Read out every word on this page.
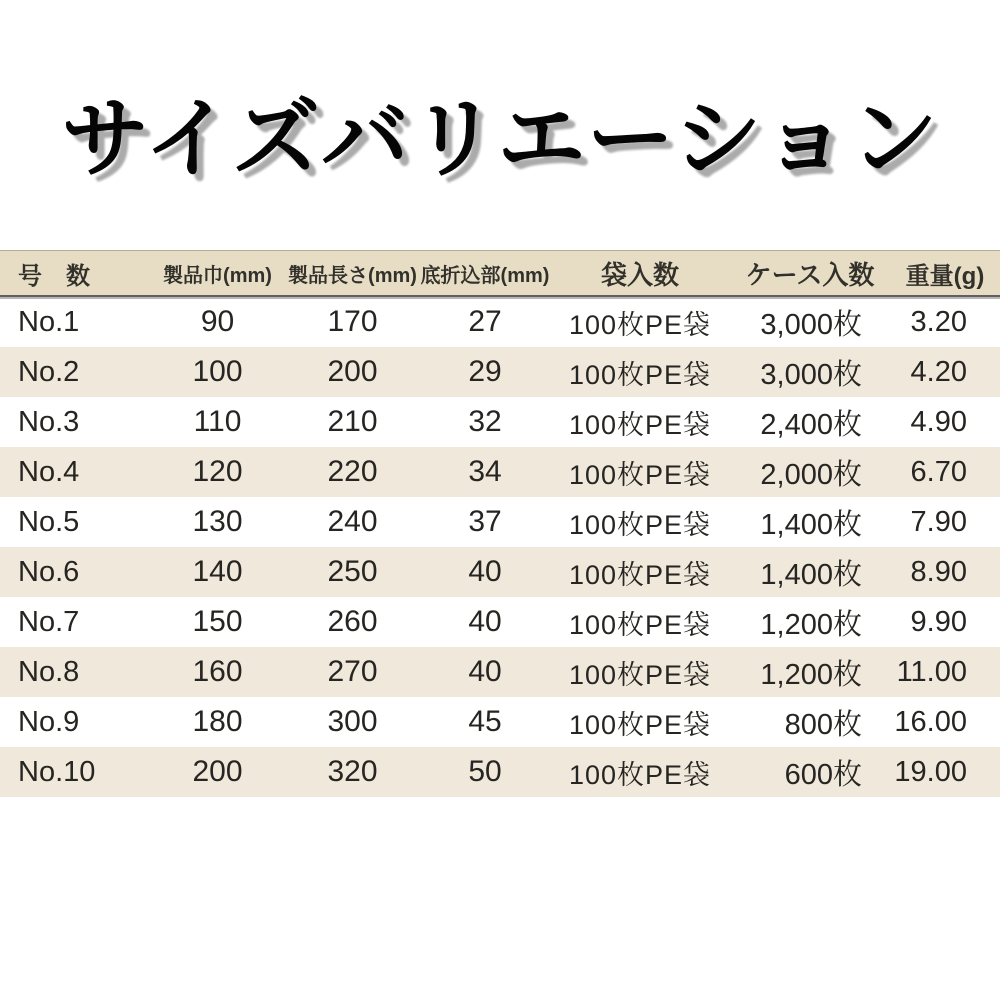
サイズバリエーション
号　数	製品巾(mm) 製品長さ(mm) 底折込部(mm)	袋入数	ケース入数	重量(g)
No.1	90	170	27	100枚PE袋	3,000枚	3.20
No.2	100	200	29	100枚PE袋	3,000枚	4.20
No.3	110	210	32	100枚PE袋	2,400枚	4.90
No.4	120	220	34	100枚PE袋	2,000枚	6.70
No.5	130	240	37	100枚PE袋	1,400枚	7.90
No.6	140	250	40	100枚PE袋	1,400枚	8.90
No.7	150	260	40	100枚PE袋	1,200枚	9.90
No.8	160	270	40	100枚PE袋	1,200枚	11.00
No.9	180	300	45	100枚PE袋	800枚	16.00
No.10	200	320	50	100枚PE袋	600枚	19.00
